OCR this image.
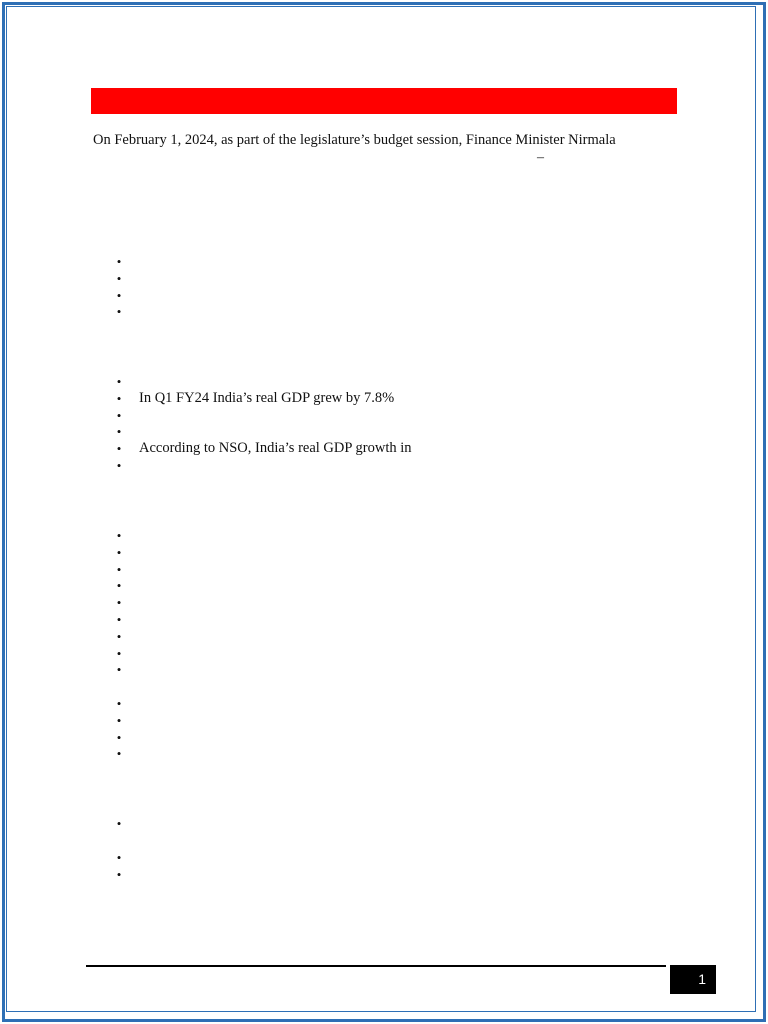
On February 1, 2024, as part of the legislature’s budget session, Finance Minister Nirmala
–
•
•
•
•
•
• In Q1 FY24 India’s real GDP grew by 7.8%
•
•
• According to NSO, India’s real GDP growth in
•
•
•
•
•
•
•
•
•
•
•
•
•
•
•
•
•
1
